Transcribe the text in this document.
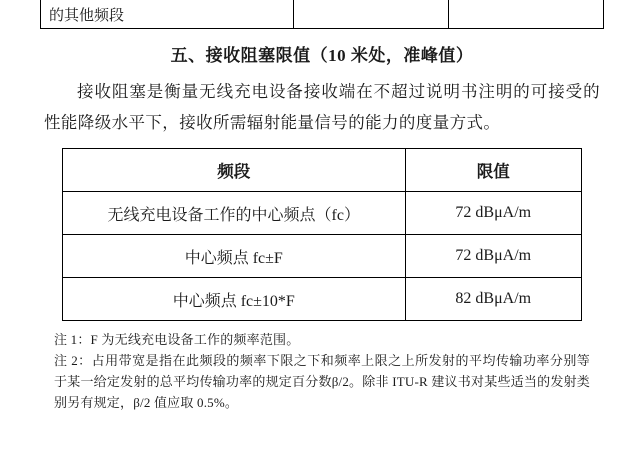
的其他频段		
五、接收阻塞限值（10 米处，准峰值）
接收阻塞是衡量无线充电设备接收端在不超过说明书注明的可接受的性能降级水平下，接收所需辐射能量信号的能力的度量方式。
频段	限值
无线充电设备工作的中心频点（fc）	72 dBμA/m
中心频点 fc±F	72 dBμA/m
中心频点 fc±10*F	82 dBμA/m
注 1：F 为无线充电设备工作的频率范围。
注 2：占用带宽是指在此频段的频率下限之下和频率上限之上所发射的平均传输功率分别等于某一给定发射的总平均传输功率的规定百分数β/2。除非 ITU-R 建议书对某些适当的发射类别另有规定，β/2 值应取 0.5%。
